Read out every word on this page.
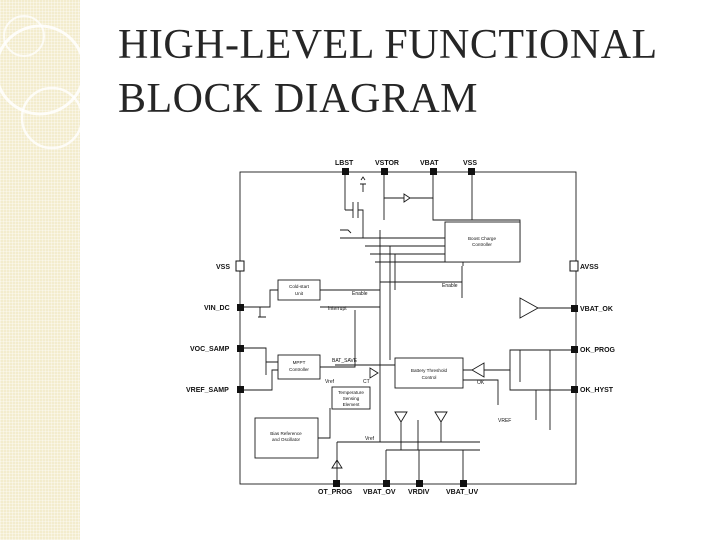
HIGH-LEVEL FUNCTIONAL
BLOCK DIAGRAM
LBST	VSTOR	VBAT	VSS
VSS
VIN_DC
VOC_SAMP
VREF_SAMP
AVSS
VBAT_OK
OK_PROG
OK_HYST
OT_PROG VBAT_OV VRDIV VBAT_UV
Boost Charge
Controller
Enable
Enable
Cold-start
Unit
Interrupt
MPPT
Controller	Battery Threshold
Control
BAT_SAVE
Vref	CT
Temperature
Sensing
Element
OK
Bias Reference
and Oscillator	Vref
VREF
